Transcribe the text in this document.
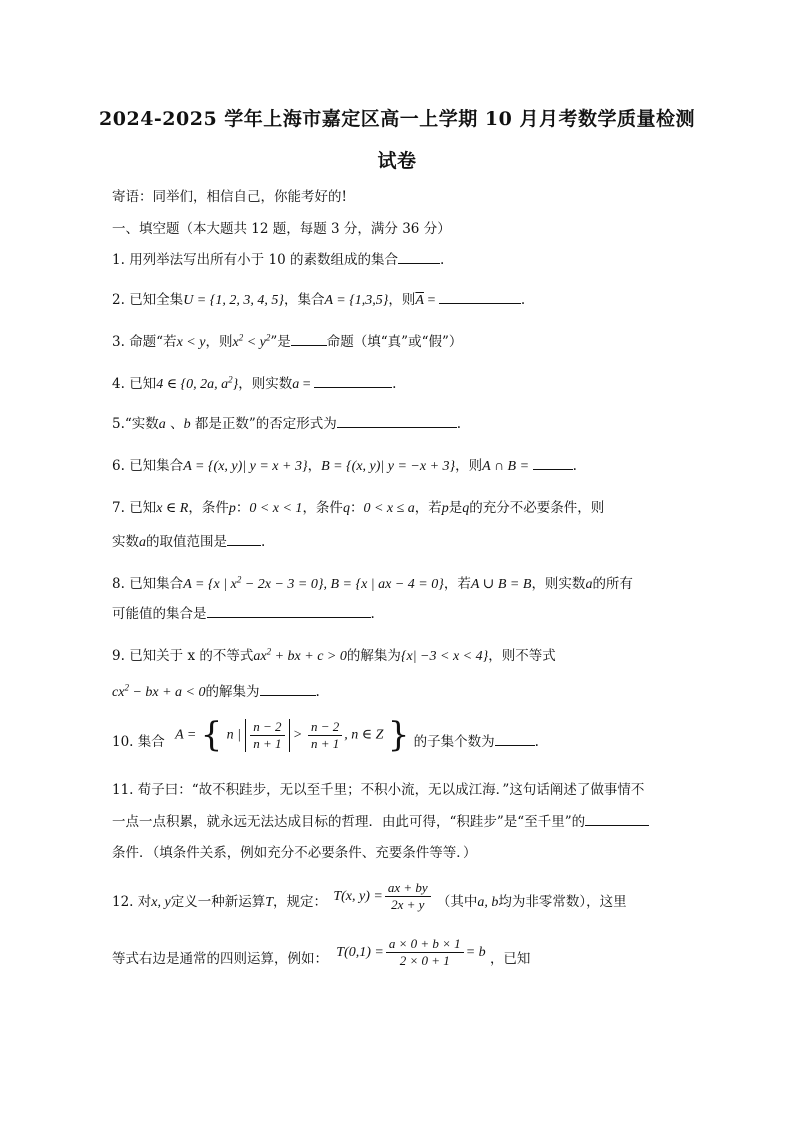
2024-2025 学年上海市嘉定区高一上学期 10 月月考数学质量检测
试卷
寄语：同举们，相信自己，你能考好的!
一、填空题（本大题共 12 题，每题 3 分，满分 36 分）
1. 用列举法写出所有小于 10 的素数组成的集合	.
2. 已知全集U = {1, 2, 3, 4, 5}，集合A = {1,3,5}，则$\overline{A}$ =	.
3. 命题“若x < y，则$x^2 < y^2$”是	命题（填“真”或“假”）
4. 已知4 ∈ {0, 2a, $a^2$}，则实数a =	.
5.“实数a 、b 都是正数”的否定形式为	.
6. 已知集合A = {(x, y)| y = x + 3}，B = {(x, y)| y = −x + 3}，则A ∩ B =	.
7. 已知x ∈ R，条件p：0 < x < 1，条件q：0 < x ≤ a，若p是q的充分不必要条件，则
实数a的取值范围是	.
8. 已知集合A = {x | $x^2 - 2x - 3 = 0$}, B = {x | ax − 4 = 0}，若A ∪ B = B，则实数a的所有
可能值的集合是	.
9. 已知关于 x 的不等式$ax^2$ + bx + c > 0的解集为{x| −3 < x < 4}，则不等式
$cx^2$ − bx + a < 0的解集为	.
10. 集合 A = { n | $\frac{n - 2}{n + 1} > \frac{n - 2}{n + 1}$ , n ∈ Z } 的子集个数为	.
11. 荀子曰：“故不积跬步，无以至千里；不积小流，无以成江海．”这句话阐述了做事情不
一点一点积累，就永远无法达成目标的哲理．由此可得，“积跬步”是“至千里”的
条件．（填条件关系，例如充分不必要条件、充要条件等等．）
12. 对x, y定义一种新运算T，规定： T(x, $y) = \frac{ax + by}{2x + y}$ （其中a, b均为非零常数），这里
等式右边是通常的四则运算，例如： $T(0,1) = \frac{a \times 0 + b \times 1}{2 \times 0 + 1} = b$ ，已知
